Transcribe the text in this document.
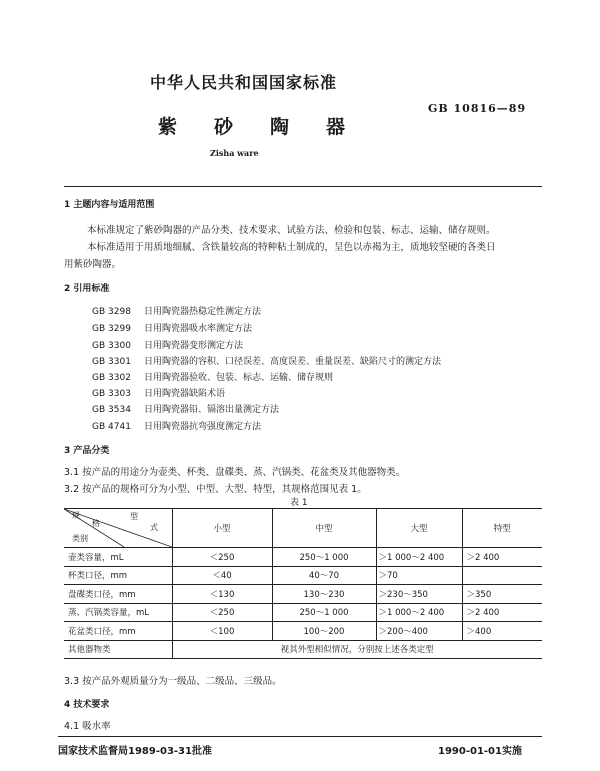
中华人民共和国国家标准
GB 10816—89
紫 砂 陶 器
Zisha ware
1 主题内容与适用范围
本标准规定了紫砂陶器的产品分类、技术要求、试验方法、检验和包装、标志、运输、储存规则。
本标准适用于用质地细腻、含铁量较高的特种粘土制成的，呈色以赤褐为主，质地较坚硬的各类日
用紫砂陶器。
2 引用标准
GB 3298 日用陶瓷器热稳定性测定方法
GB 3299 日用陶瓷器吸水率测定方法
GB 3300 日用陶瓷器变形测定方法
GB 3301 日用陶瓷器的容积、口径误差、高度误差、重量误差、缺陷尺寸的测定方法
GB 3302 日用陶瓷器验收、包装、标志、运输、储存规则
GB 3303 日用陶瓷器缺陷术语
GB 3534 日用陶瓷器铅、镉溶出量测定方法
GB 4741 日用陶瓷器抗弯强度测定方法
3 产品分类
3.1 按产品的用途分为壶类、杯类、盘碟类、蒸、汽锅类、花盆类及其他器物类。
3.2 按产品的规格可分为小型、中型、大型、特型，其规格范围见表 1。
表 1
规
格
型
式
类别	小型	中型	大型	特型
壶类容量，mL	＜250	250～1 000	＞1 000～2 400	＞2 400
杯类口径，mm	＜40	40～70	＞70	
盘碟类口径，mm	＜130	130～230	＞230～350	＞350
蒸、汽锅类容量，mL	＜250	250～1 000	＞1 000～2 400	＞2 400
花盆类口径，mm	＜100	100～200	＞200～400	＞400
其他器物类	视其外型相似情况，分别按上述各类定型			
3.3 按产品外观质量分为一级品、二级品、三级品。
4 技术要求
4.1 吸水率
国家技术监督局1989-03-31批准	1990-01-01实施
